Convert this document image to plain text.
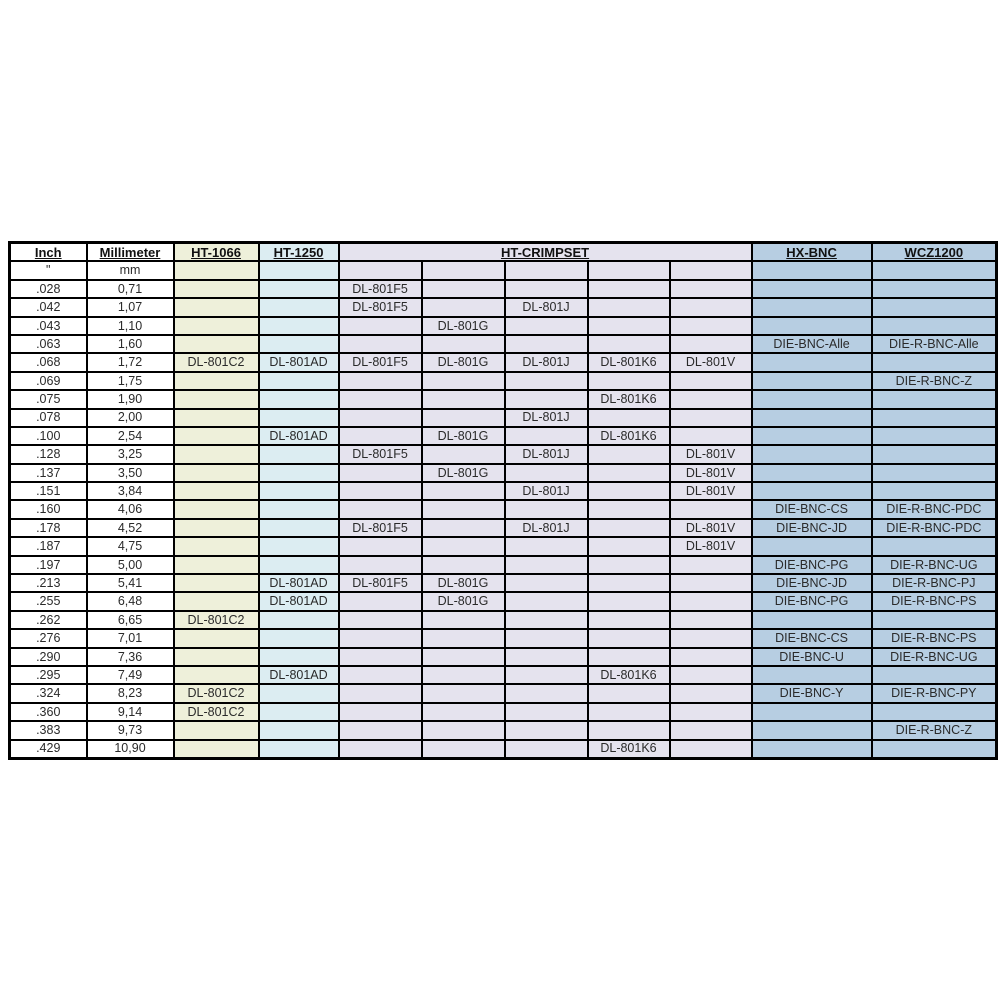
Inch	Millimeter	HT-1066	HT-1250	HT-CRIMPSET					HX-BNC	WCZ1200
"	mm									
.028	0,71			DL-801F5						
.042	1,07			DL-801F5		DL-801J				
.043	1,10				DL-801G					
.063	1,60								DIE-BNC-Alle	DIE-R-BNC-Alle
.068	1,72	DL-801C2	DL-801AD	DL-801F5	DL-801G	DL-801J	DL-801K6	DL-801V		
.069	1,75									DIE-R-BNC-Z
.075	1,90						DL-801K6			
.078	2,00					DL-801J				
.100	2,54		DL-801AD		DL-801G		DL-801K6			
.128	3,25			DL-801F5		DL-801J		DL-801V		
.137	3,50				DL-801G			DL-801V		
.151	3,84					DL-801J		DL-801V		
.160	4,06								DIE-BNC-CS	DIE-R-BNC-PDC
.178	4,52			DL-801F5		DL-801J		DL-801V	DIE-BNC-JD	DIE-R-BNC-PDC
.187	4,75							DL-801V		
.197	5,00								DIE-BNC-PG	DIE-R-BNC-UG
.213	5,41		DL-801AD	DL-801F5	DL-801G				DIE-BNC-JD	DIE-R-BNC-PJ
.255	6,48		DL-801AD		DL-801G				DIE-BNC-PG	DIE-R-BNC-PS
.262	6,65	DL-801C2								
.276	7,01								DIE-BNC-CS	DIE-R-BNC-PS
.290	7,36								DIE-BNC-U	DIE-R-BNC-UG
.295	7,49		DL-801AD				DL-801K6			
.324	8,23	DL-801C2							DIE-BNC-Y	DIE-R-BNC-PY
.360	9,14	DL-801C2								
.383	9,73									DIE-R-BNC-Z
.429	10,90						DL-801K6			
